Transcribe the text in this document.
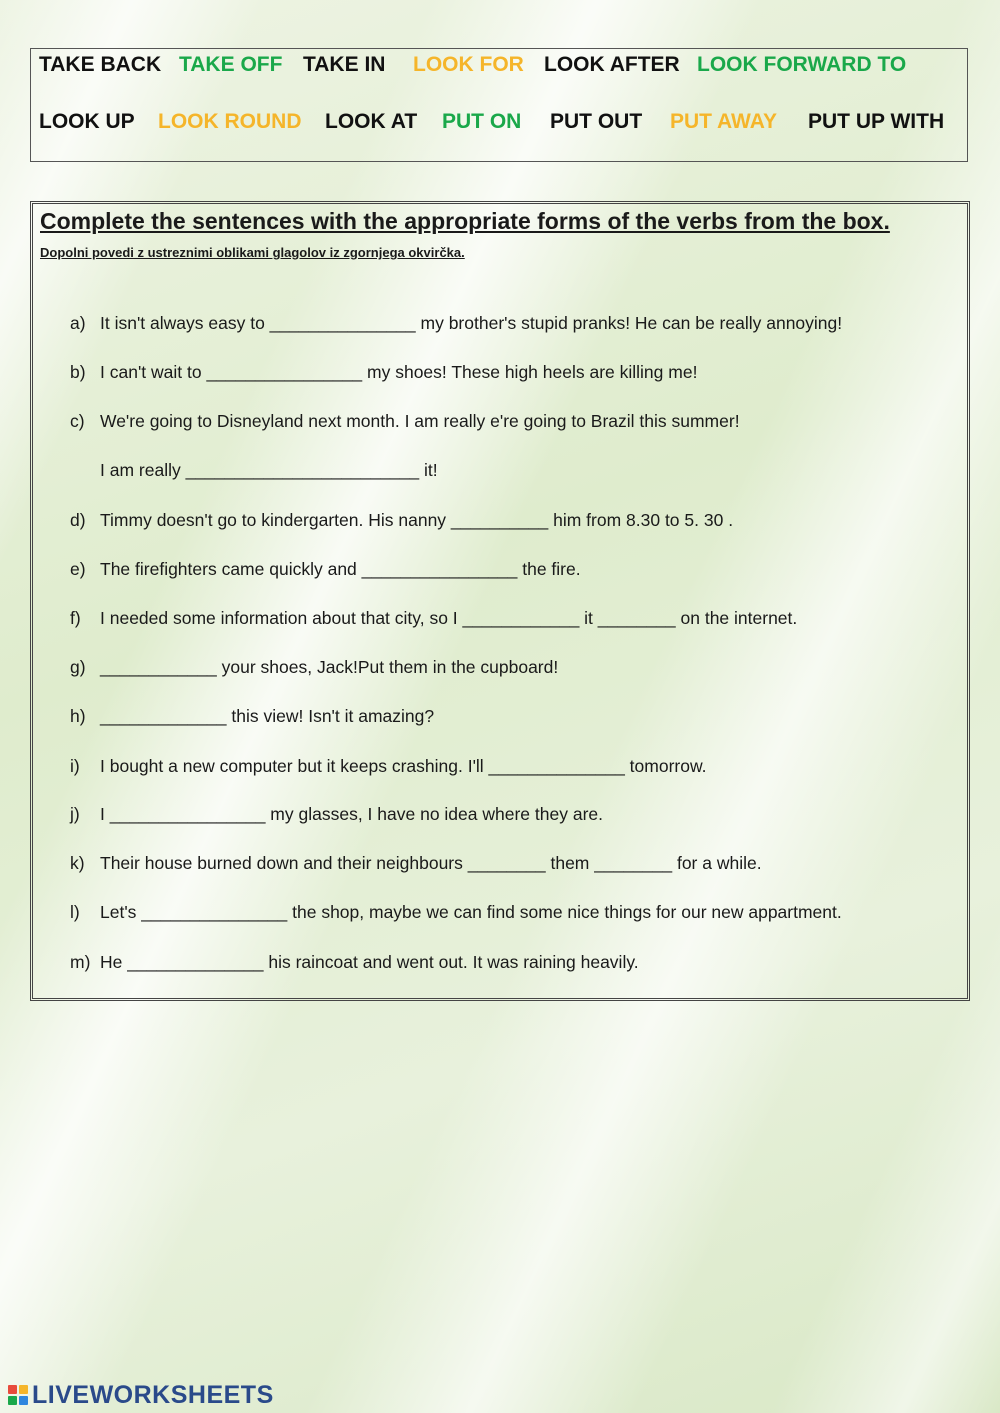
TAKE BACK TAKE OFF TAKE IN LOOK FOR LOOK AFTER LOOK FORWARD TO
LOOK UP LOOK ROUND LOOK AT PUT ON PUT OUT PUT AWAY PUT UP WITH
Complete the sentences with the appropriate forms of the verbs from the box.
Dopolni povedi z ustreznimi oblikami glagolov iz zgornjega okvirčka.
a) It isn't always easy to _______________ my brother's stupid pranks! He can be really annoying!
b) I can't wait to ________________ my shoes! These high heels are killing me!
c) We're going to Disneyland next month. I am really e're going to Brazil this summer!
I am really ________________________ it!
d) Timmy doesn't go to kindergarten. His nanny __________ him from 8.30 to 5. 30 .
e) The firefighters came quickly and ________________ the fire.
f) I needed some information about that city, so I ____________ it ________ on the internet.
g) ____________ your shoes, Jack!Put them in the cupboard!
h) _____________ this view! Isn't it amazing?
i) I bought a new computer but it keeps crashing. I'll ______________ tomorrow.
j) I ________________ my glasses, I have no idea where they are.
k) Their house burned down and their neighbours ________ them ________ for a while.
l) Let's _______________ the shop, maybe we can find some nice things for our new appartment.
m) He ______________ his raincoat and went out. It was raining heavily.
LIVEWORKSHEETS
